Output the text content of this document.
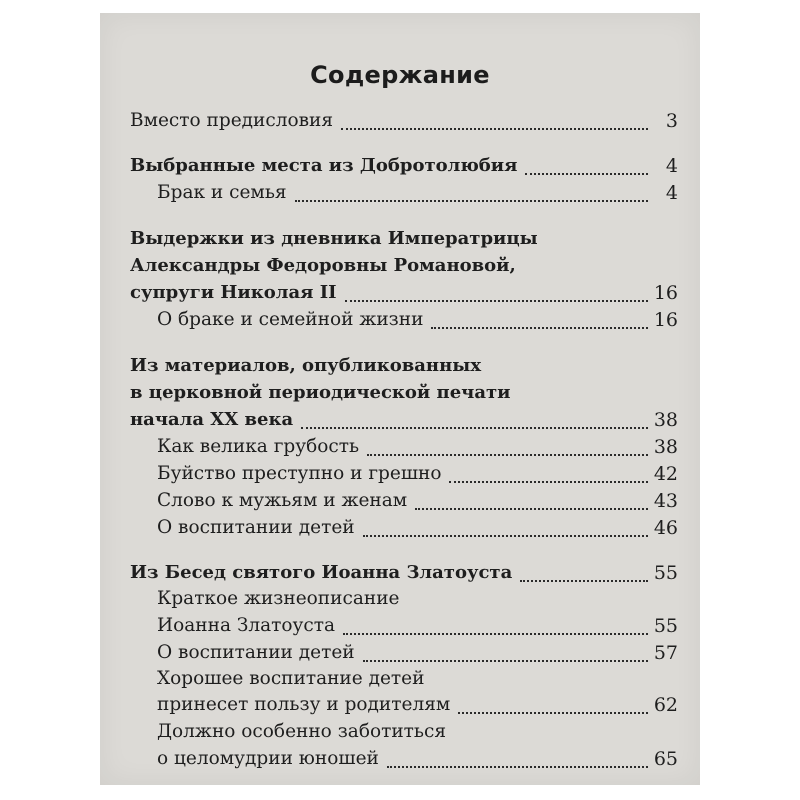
Содержание
Вместо предисловия	3
Выбранные места из Добротолюбия	4
Брак и семья	4
Выдержки из дневника Императрицы
Александры Федоровны Романовой,
супруги Николая II	16
О браке и семейной жизни	16
Из материалов, опубликованных
в церковной периодической печати
начала XX века	38
Как велика грубость	38
Буйство преступно и грешно	42
Слово к мужьям и женам	43
О воспитании детей	46
Из Бесед святого Иоанна Златоуста	55
Краткое жизнеописание
Иоанна Златоуста	55
О воспитании детей	57
Хорошее воспитание детей
принесет пользу и родителям	62
Должно особенно заботиться
о целомудрии юношей	65
